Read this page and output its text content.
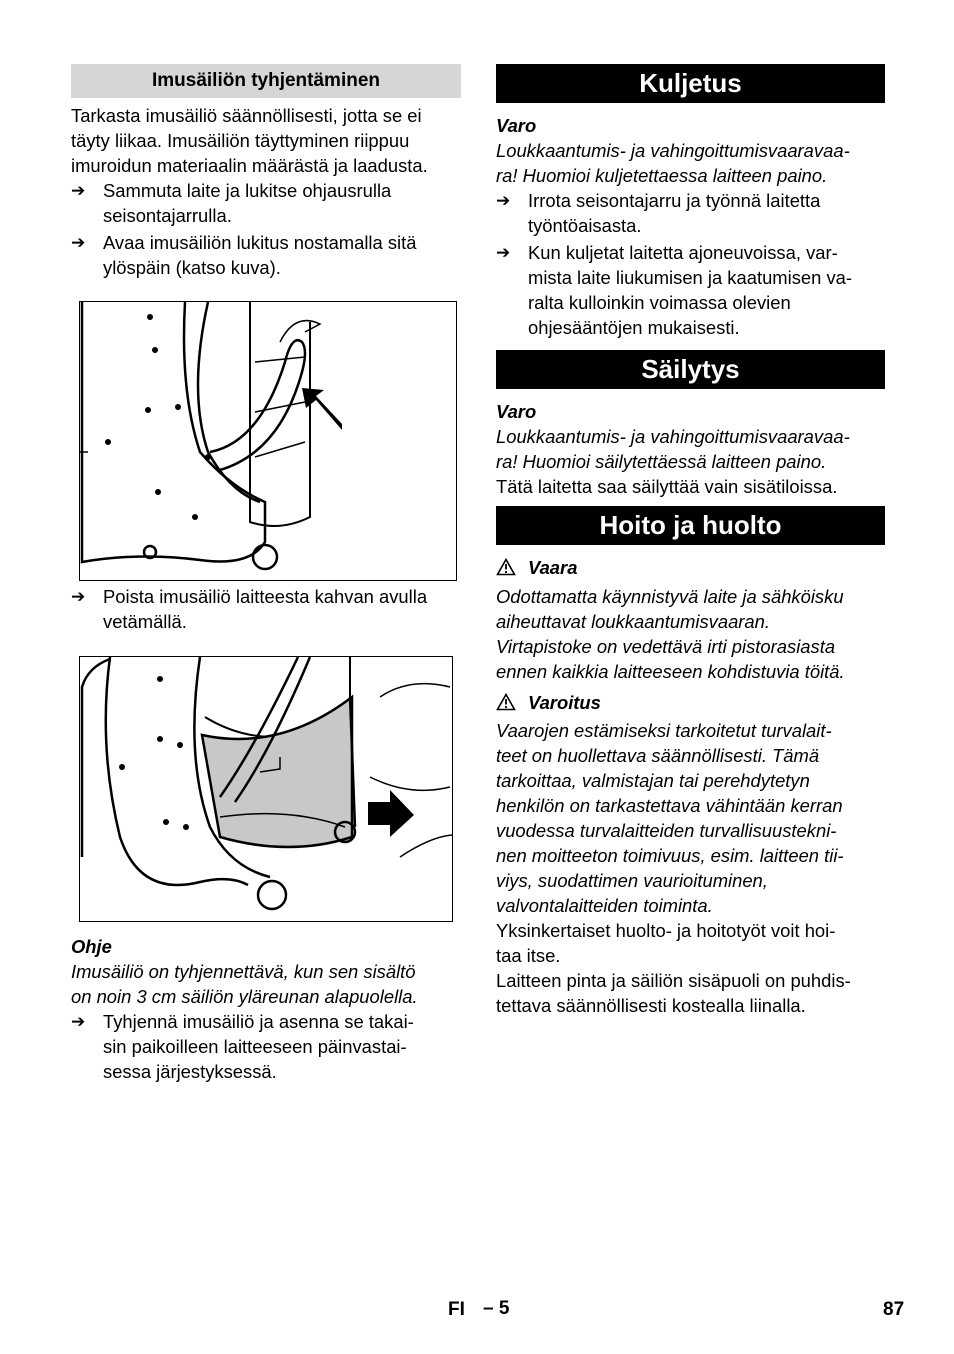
Imusäiliön tyhjentäminen

Tarkasta imusäiliö säännöllisesti, jotta se ei
täyty liikaa. Imusäiliön täyttyminen riippuu
imuroidun materiaalin määrästä ja laadusta.

➔ Sammuta laite ja lukitse ohjausrulla
seisontajarrulla.

➔ Avaa imusäiliön lukitus nostamalla sitä
ylöspäin (katso kuva).

➔ Poista imusäiliö laitteesta kahvan avulla
vetämällä.

Ohje

Imusäiliö on tyhjennettävä, kun sen sisältö
on noin 3 cm säiliön yläreunan alapuolella.

➔ Tyhjennä imusäiliö ja asenna se takai-
sin paikoilleen laitteeseen päinvastai-
sessa järjestyksessä.

Kuljetus

Varo

Loukkaantumis- ja vahingoittumisvaaravaa-
ra! Huomioi kuljetettaessa laitteen paino.

➔ Irrota seisontajarru ja työnnä laitetta
työntöaisasta.

➔ Kun kuljetat laitetta ajoneuvoissa, var-
mista laite liukumisen ja kaatumisen va-
ralta kulloinkin voimassa olevien
ohjesääntöjen mukaisesti.

Säilytys

Varo

Loukkaantumis- ja vahingoittumisvaaravaa-
ra! Huomioi säilytettäessä laitteen paino.

Tätä laitetta saa säilyttää vain sisätiloissa.

Hoito ja huolto

Vaara

Odottamatta käynnistyvä laite ja sähköisku
aiheuttavat loukkaantumisvaaran.
Virtapistoke on vedettävä irti pistorasiasta
ennen kaikkia laitteeseen kohdistuvia töitä.

Varoitus

Vaarojen estämiseksi tarkoitetut turvalait-
teet on huollettava säännöllisesti. Tämä
tarkoittaa, valmistajan tai perehdytetyn
henkilön on tarkastettava vähintään kerran
vuodessa turvalaitteiden turvallisuustekni-
nen moitteeton toimivuus, esim. laitteen tii-
viys, suodattimen vaurioituminen,
valvontalaitteiden toiminta.

Yksinkertaiset huolto- ja hoitotyöt voit hoi-
taa itse.

Laitteen pinta ja säiliön sisäpuoli on puhdis-
tettava säännöllisesti kostealla liinalla.

FI – 5	87
